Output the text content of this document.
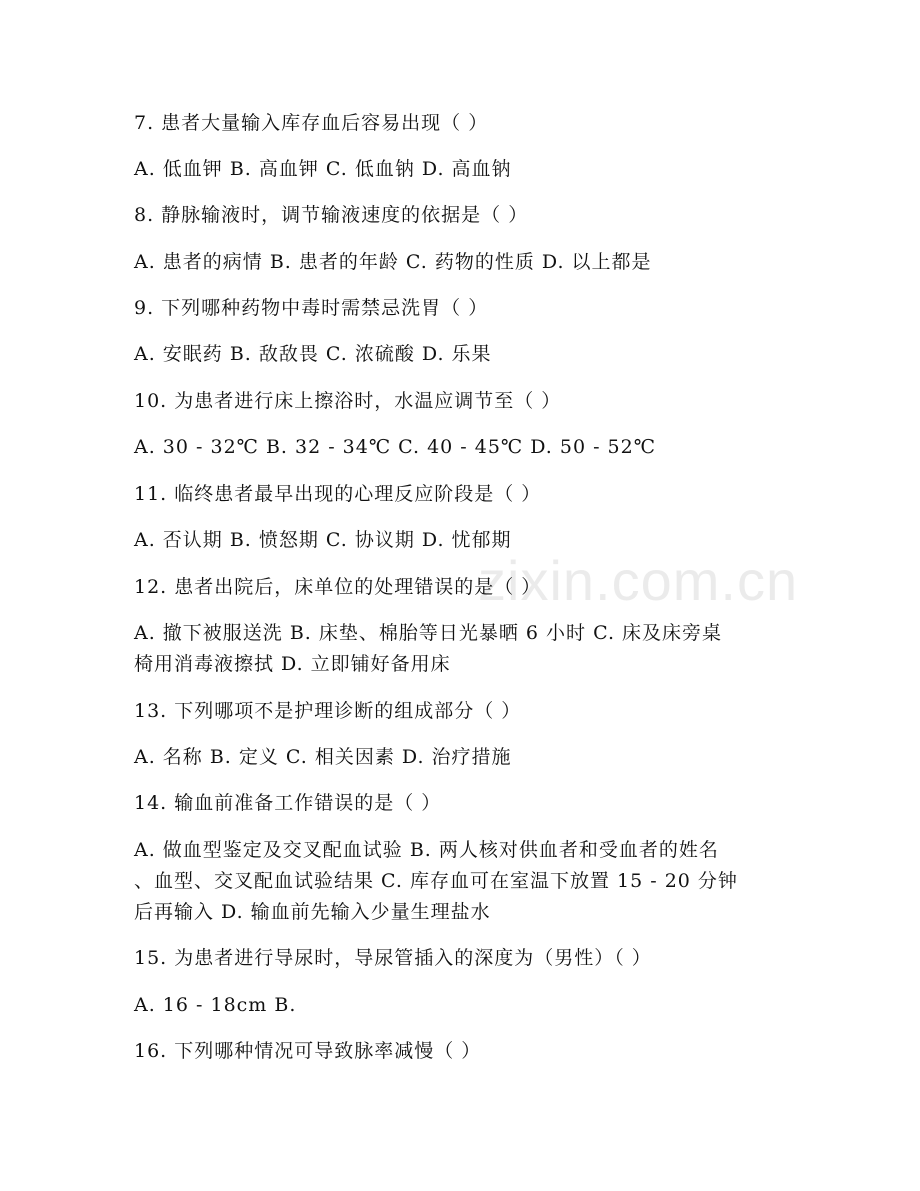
zixin.com.cn
7. 患者大量输入库存血后容易出现（ ）
A. 低血钾 B. 高血钾 C. 低血钠 D. 高血钠
8. 静脉输液时，调节输液速度的依据是（ ）
A. 患者的病情 B. 患者的年龄 C. 药物的性质 D. 以上都是
9. 下列哪种药物中毒时需禁忌洗胃（ ）
A. 安眠药 B. 敌敌畏 C. 浓硫酸 D. 乐果
10. 为患者进行床上擦浴时，水温应调节至（ ）
A. 30 - 32℃ B. 32 - 34℃ C. 40 - 45℃ D. 50 - 52℃
11. 临终患者最早出现的心理反应阶段是（ ）
A. 否认期 B. 愤怒期 C. 协议期 D. 忧郁期
12. 患者出院后，床单位的处理错误的是（ ）
A. 撤下被服送洗 B. 床垫、棉胎等日光暴晒 6 小时 C. 床及床旁桌
椅用消毒液擦拭 D. 立即铺好备用床
13. 下列哪项不是护理诊断的组成部分（ ）
A. 名称 B. 定义 C. 相关因素 D. 治疗措施
14. 输血前准备工作错误的是（ ）
A. 做血型鉴定及交叉配血试验 B. 两人核对供血者和受血者的姓名
、血型、交叉配血试验结果 C. 库存血可在室温下放置 15 - 20 分钟
后再输入 D. 输血前先输入少量生理盐水
15. 为患者进行导尿时，导尿管插入的深度为（男性）（ ）
A. 16 - 18cm B.
16. 下列哪种情况可导致脉率减慢（ ）
